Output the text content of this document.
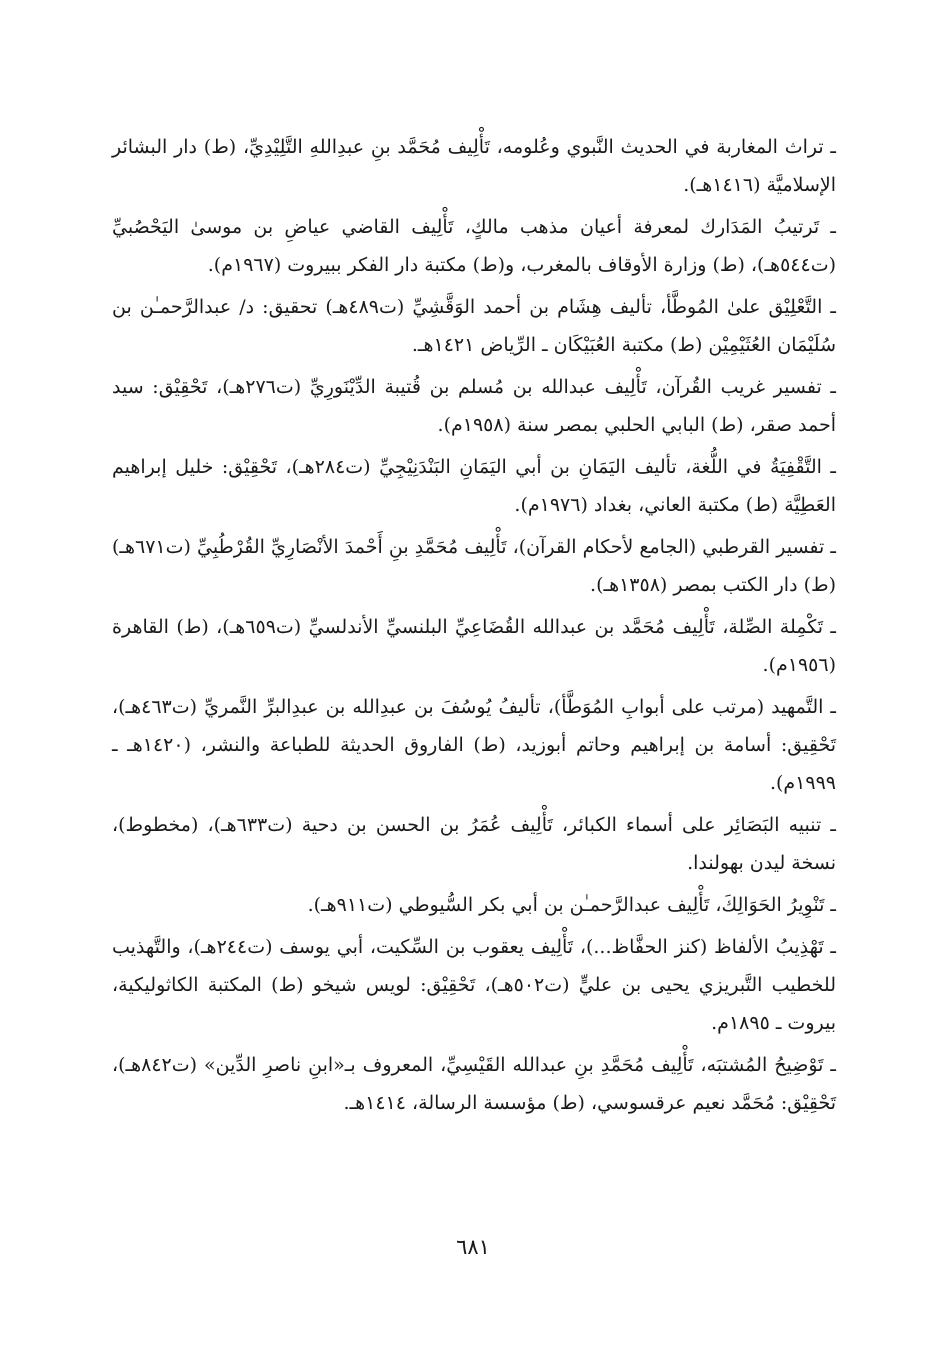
ـ تراث المغاربة في الحديث النَّبوي وعُلومه، تَأْلِيف مُحَمَّد بنِ عبدِاللهِ التَّلِيْدِيِّ، (ط) دار البشائر الإسلاميَّة (١٤١٦هـ).

ـ تَرتيبُ المَدَارك لمعرفة أعيان مذهب مالكٍ، تَأْلِيف القاضي عياضِ بن موسىٰ اليَحْصُبيِّ (ت٥٤٤هـ)، (ط) وزارة الأوقاف بالمغرب، و(ط) مكتبة دار الفكر ببيروت (١٩٦٧م).

ـ التَّعْلِيْق علىٰ المُوطَّأ، تأليف هِشَام بن أحمد الوَقَّشِيِّ (ت٤٨٩هـ) تحقيق: د/ عبدالرَّحمـٰن بن سُلَيْمَان العُثَيْمِيْن (ط) مكتبة العُبَيْكَان ـ الرِّياض ١٤٢١هـ.

ـ تفسير غريب القُرآن، تَأْلِيف عبدالله بن مُسلم بن قُتيبة الدِّيْنَورِيِّ (ت٢٧٦هـ)، تَحْقِيْق: سيد أحمد صقر، (ط) البابي الحلبي بمصر سنة (١٩٥٨م).

ـ التَّقْفِيَةُ في اللُّغة، تأليف اليَمَانِ بن أبي اليَمَانِ البَنْدَنِيْجِيِّ (ت٢٨٤هـ)، تَحْقِيْق: خليل إبراهيم العَطِيَّة (ط) مكتبة العاني، بغداد (١٩٧٦م).

ـ تفسير القرطبي (الجامع لأحكام القرآن)، تَأْلِيف مُحَمَّدِ بنِ أَحْمدَ الأنْصَارِيِّ القُرْطُبِيِّ (ت٦٧١هـ) (ط) دار الكتب بمصر (١٣٥٨هـ).

ـ تَكْمِلة الصِّلة، تَأْلِيف مُحَمَّد بن عبدالله القُضَاعِيِّ البلنسيِّ الأندلسيِّ (ت٦٥٩هـ)، (ط) القاهرة (١٩٥٦م).

ـ التَّمهيد (مرتب على أبوابِ المُوَطَّأ)، تأليفُ يُوسُفَ بن عبدِالله بن عبدِالبرِّ النَّمريِّ (ت٤٦٣هـ)، تَحْقِيق: أسامة بن إبراهيم وحاتم أبوزيد، (ط) الفاروق الحديثة للطباعة والنشر، (١٤٢٠هـ ـ ١٩٩٩م).

ـ تنبيه البَصَائِر على أسماء الكبائر، تَأْلِيف عُمَرُ بن الحسن بن دحية (ت٦٣٣هـ)، (مخطوط)، نسخة ليدن بهولندا.

ـ تَنْوِيرُ الحَوَالِكَ، تَأْلِيف عبدالرَّحمـٰن بن أبي بكر السُّيوطي (ت٩١١هـ).

ـ تَهْذِيبُ الألفاظ (كنز الحفَّاظ...)، تَأْلِيف يعقوب بن السِّكيت، أبي يوسف (ت٢٤٤هـ)، والتَّهذيب للخطيب التَّبريزي يحيى بن عليٍّ (ت٥٠٢هـ)، تَحْقِيْق: لويس شيخو (ط) المكتبة الكاثوليكية، بيروت ـ ١٨٩٥م.

ـ تَوْضِيحُ المُشتبَه، تَأْلِيف مُحَمَّدِ بنِ عبدالله القَيْسِيِّ، المعروف بـ«ابنِ ناصرِ الدِّين» (ت٨٤٢هـ)، تَحْقِيْق: مُحَمَّد نعيم عرقسوسي، (ط) مؤسسة الرسالة، ١٤١٤هـ.

٦٨١
